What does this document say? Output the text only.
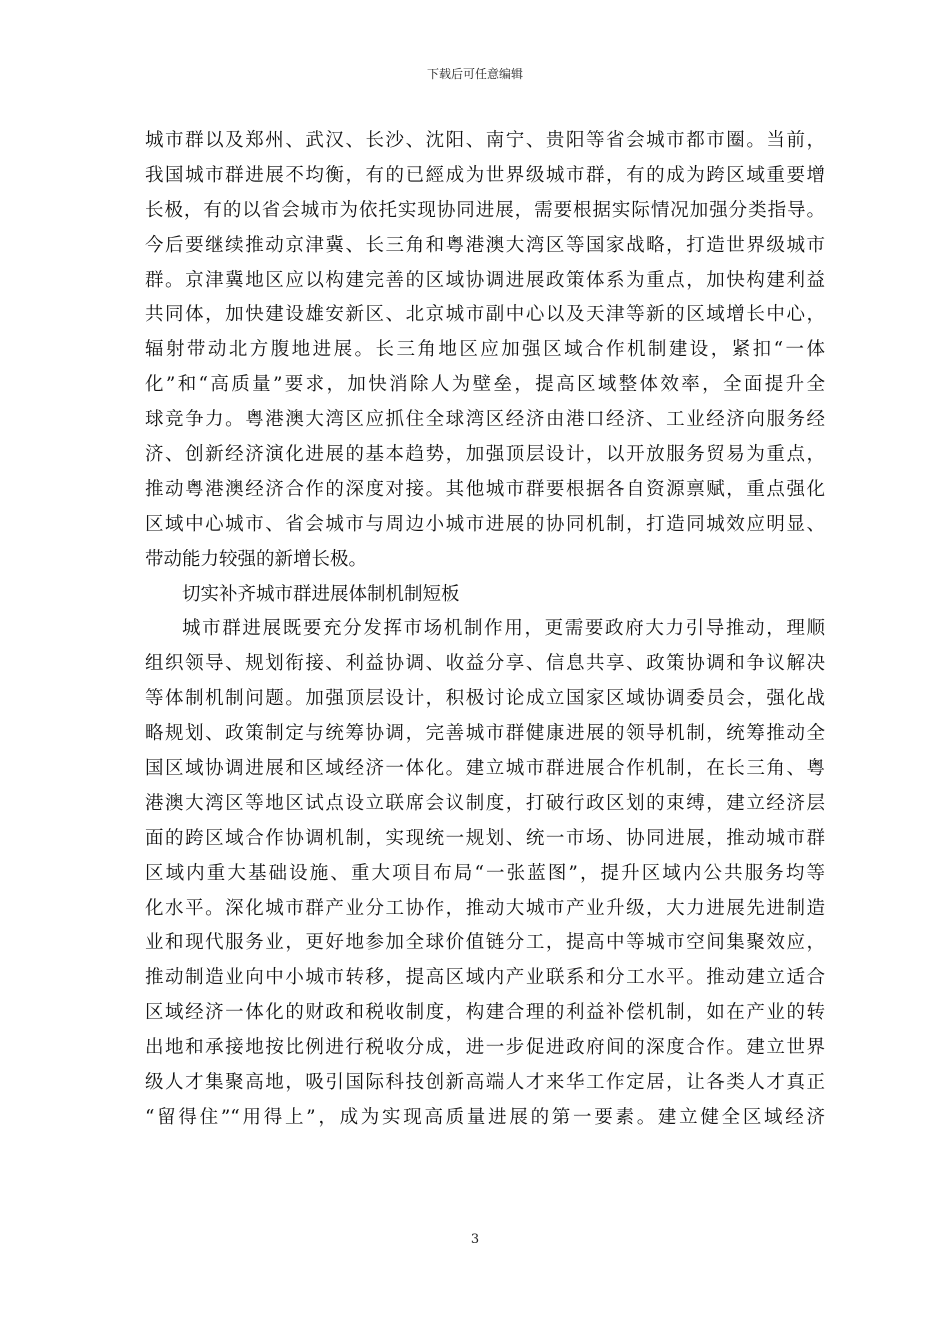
下载后可任意编辑
城市群以及郑州、武汉、长沙、沈阳、南宁、贵阳等省会城市都市圈。当前，
我国城市群进展不均衡，有的已經成为世界级城市群，有的成为跨区域重要增
长极，有的以省会城市为依托实现协同进展，需要根据实际情况加强分类指导。
今后要继续推动京津冀、长三角和粤港澳大湾区等国家战略，打造世界级城市
群。京津冀地区应以构建完善的区域协调进展政策体系为重点，加快构建利益
共同体，加快建设雄安新区、北京城市副中心以及天津等新的区域增长中心，
辐射带动北方腹地进展。长三角地区应加强区域合作机制建设，紧扣“一体
化”和“高质量”要求，加快消除人为壁垒，提高区域整体效率，全面提升全
球竞争力。粤港澳大湾区应抓住全球湾区经济由港口经济、工业经济向服务经
济、创新经济演化进展的基本趋势，加强顶层设计，以开放服务贸易为重点，
推动粤港澳经济合作的深度对接。其他城市群要根据各自资源禀赋，重点强化
区域中心城市、省会城市与周边小城市进展的协同机制，打造同城效应明显、
带动能力较强的新增长极。
切实补齐城市群进展体制机制短板
城市群进展既要充分发挥市场机制作用，更需要政府大力引导推动，理顺
组织领导、规划衔接、利益协调、收益分享、信息共享、政策协调和争议解决
等体制机制问题。加强顶层设计，积极讨论成立国家区域协调委员会，强化战
略规划、政策制定与统筹协调，完善城市群健康进展的领导机制，统筹推动全
国区域协调进展和区域经济一体化。建立城市群进展合作机制，在长三角、粤
港澳大湾区等地区试点设立联席会议制度，打破行政区划的束缚，建立经济层
面的跨区域合作协调机制，实现统一规划、统一市场、协同进展，推动城市群
区域内重大基础设施、重大项目布局“一张蓝图”，提升区域内公共服务均等
化水平。深化城市群产业分工协作，推动大城市产业升级，大力进展先进制造
业和现代服务业，更好地参加全球价值链分工，提高中等城市空间集聚效应，
推动制造业向中小城市转移，提高区域内产业联系和分工水平。推动建立适合
区域经济一体化的财政和税收制度，构建合理的利益补偿机制，如在产业的转
出地和承接地按比例进行税收分成，进一步促进政府间的深度合作。建立世界
级人才集聚高地，吸引国际科技创新高端人才来华工作定居，让各类人才真正
“留得住”“用得上”，成为实现高质量进展的第一要素。建立健全区域经济
3
